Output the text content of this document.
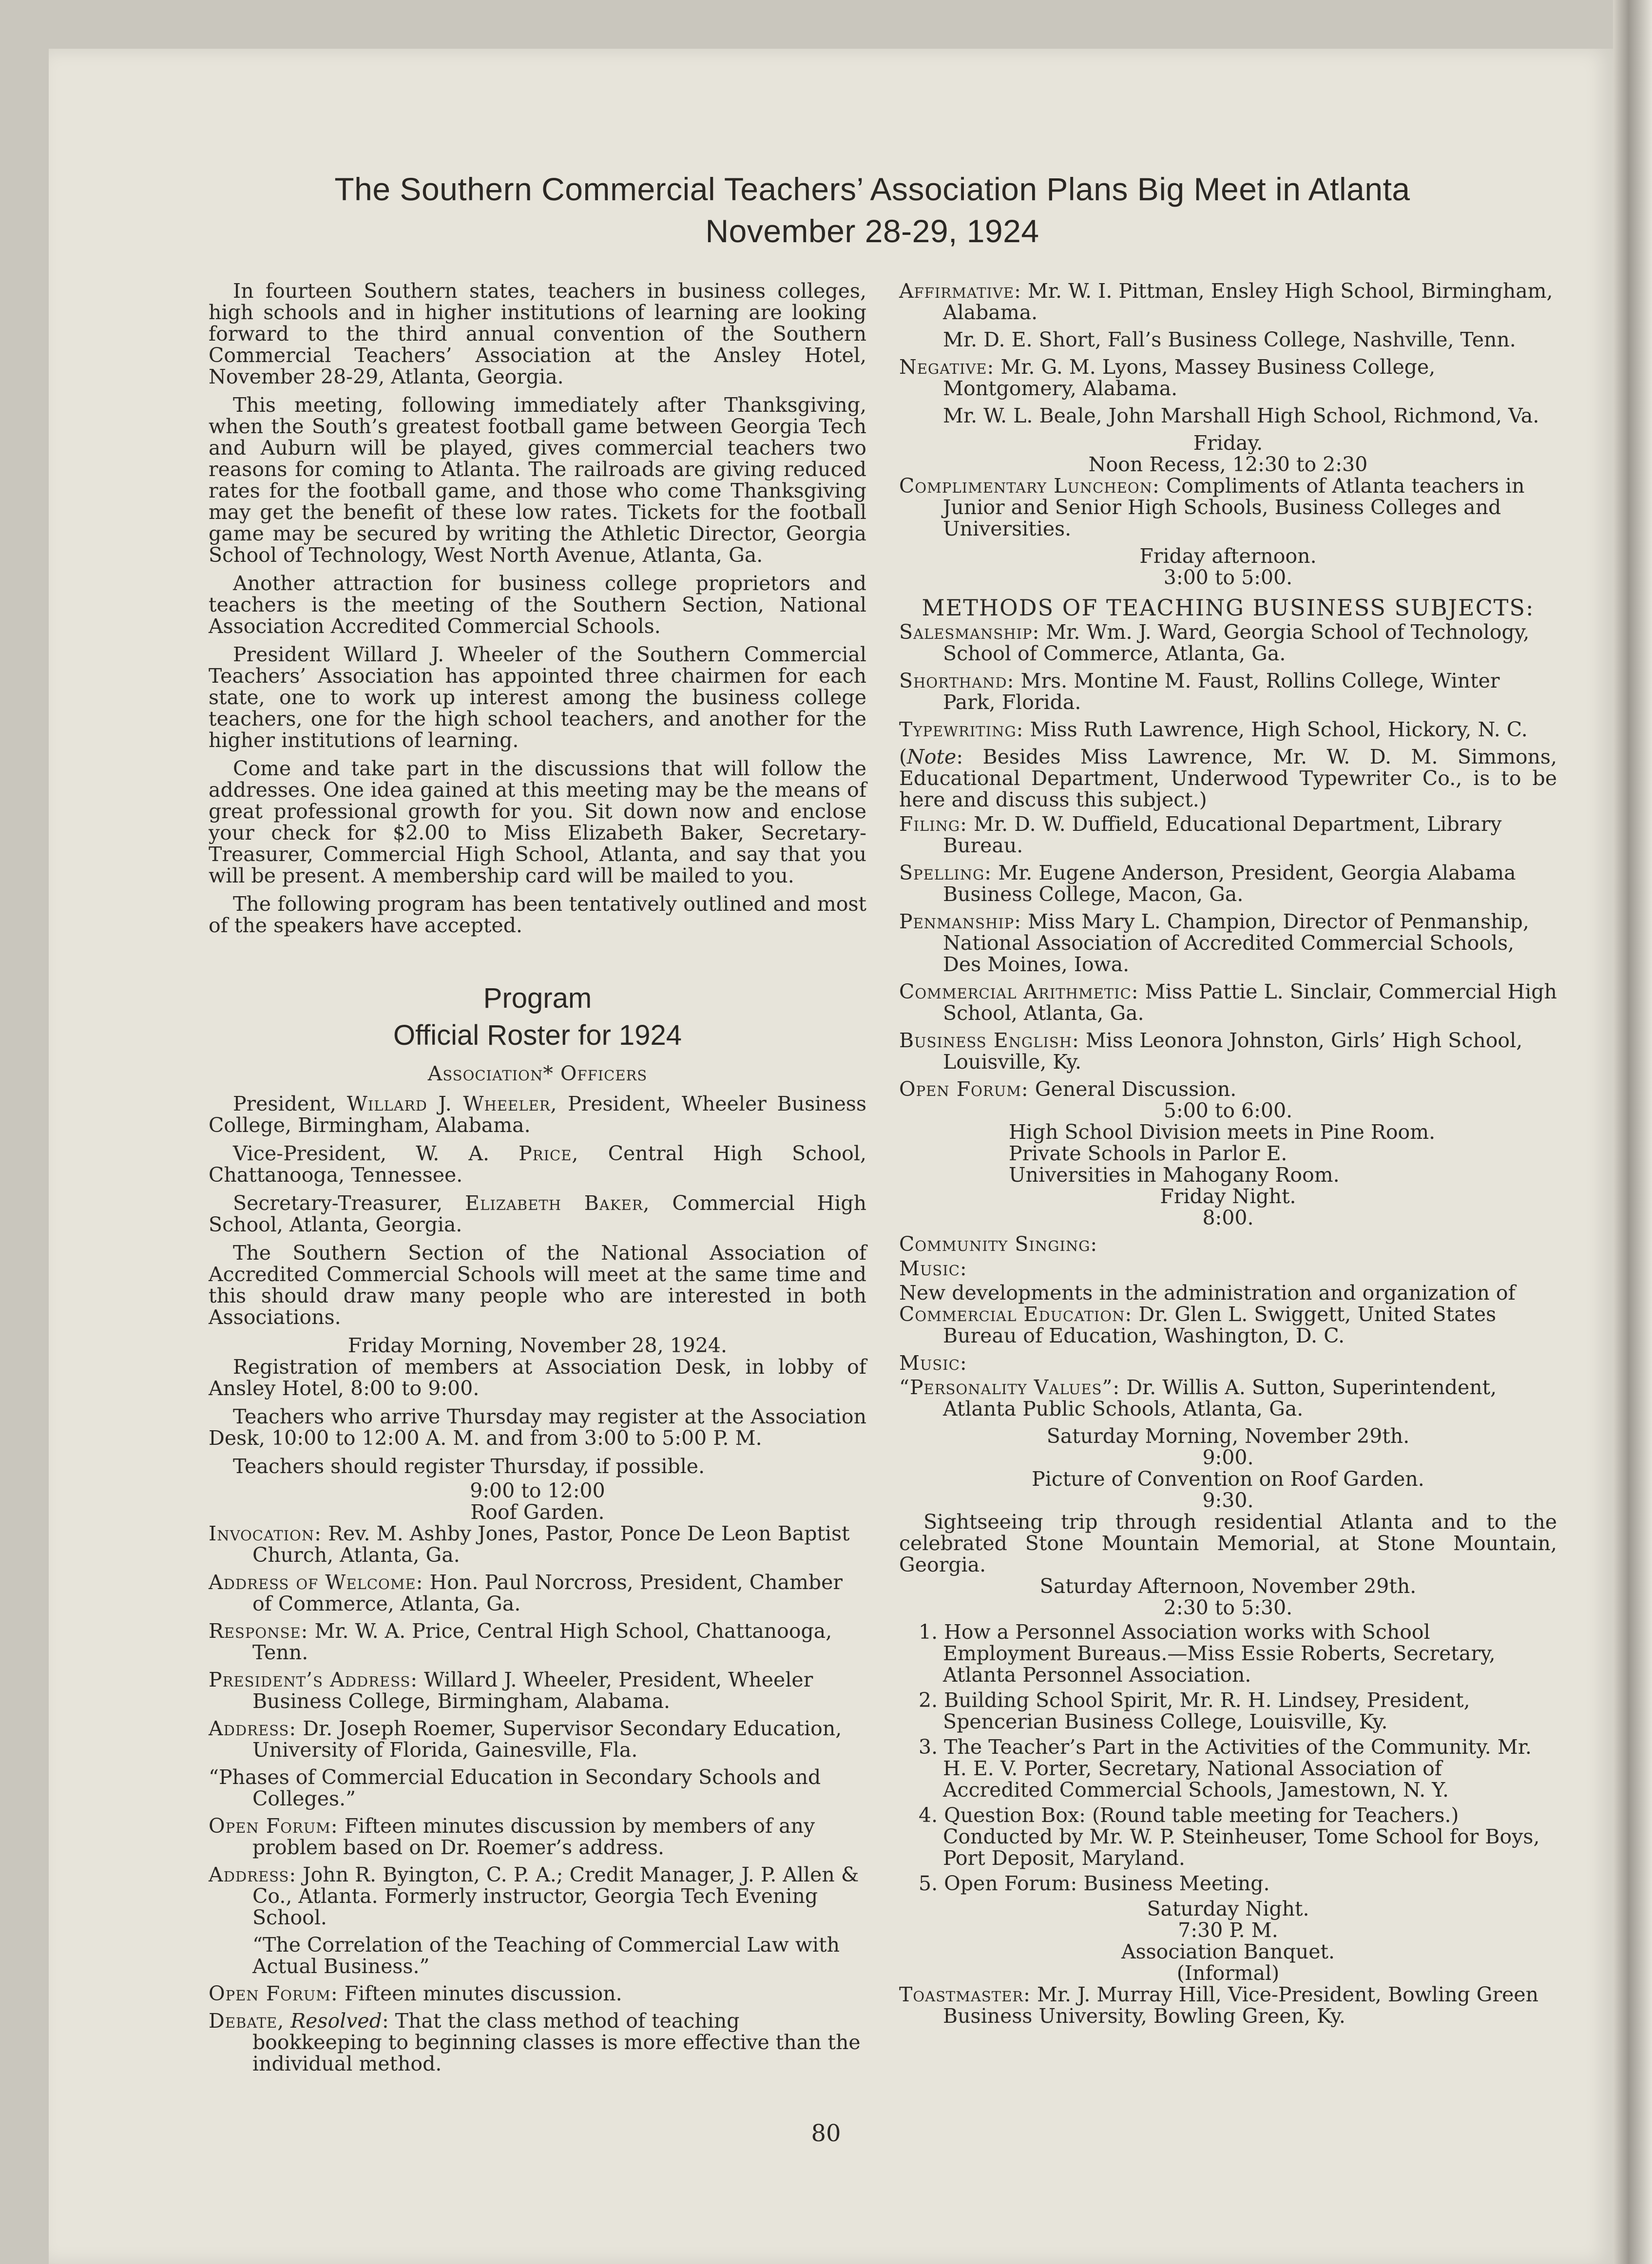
The Southern Commercial Teachers’ Association Plans Big Meet in Atlanta
November 28-29, 1924

In fourteen Southern states, teachers in business colleges, high schools and in higher institutions of learning are looking forward to the third annual convention of the Southern Commercial Teachers’ Association at the Ansley Hotel, November 28-29, Atlanta, Georgia.

This meeting, following immediately after Thanksgiving, when the South’s greatest football game between Georgia Tech and Auburn will be played, gives commercial teachers two reasons for coming to Atlanta. The railroads are giving reduced rates for the football game, and those who come Thanksgiving may get the benefit of these low rates. Tickets for the football game may be secured by writing the Athletic Director, Georgia School of Technology, West North Avenue, Atlanta, Ga.

Another attraction for business college proprietors and teachers is the meeting of the Southern Section, National Association Accredited Commercial Schools.

President Willard J. Wheeler of the Southern Commercial Teachers’ Association has appointed three chairmen for each state, one to work up interest among the business college teachers, one for the high school teachers, and another for the higher institutions of learning.

Come and take part in the discussions that will follow the addresses. One idea gained at this meeting may be the means of great professional growth for you. Sit down now and enclose your check for $2.00 to Miss Elizabeth Baker, Secretary-Treasurer, Commercial High School, Atlanta, and say that you will be present. A membership card will be mailed to you.

The following program has been tentatively outlined and most of the speakers have accepted.

Program

Official Roster for 1924

Association* Officers

President, Willard J. Wheeler, President, Wheeler Business College, Birmingham, Alabama.

Vice-President, W. A. Price, Central High School, Chattanooga, Tennessee.

Secretary-Treasurer, Elizabeth Baker, Commercial High School, Atlanta, Georgia.

The Southern Section of the National Association of Accredited Commercial Schools will meet at the same time and this should draw many people who are interested in both Associations.

Friday Morning, November 28, 1924.

Registration of members at Association Desk, in lobby of Ansley Hotel, 8:00 to 9:00.

Teachers who arrive Thursday may register at the Association Desk, 10:00 to 12:00 A. M. and from 3:00 to 5:00 P. M.

Teachers should register Thursday, if possible.

9:00 to 12:00

Roof Garden.

Invocation: Rev. M. Ashby Jones, Pastor, Ponce De Leon Baptist Church, Atlanta, Ga.

Address of Welcome: Hon. Paul Norcross, President, Chamber of Commerce, Atlanta, Ga.

Response: Mr. W. A. Price, Central High School, Chattanooga, Tenn.

President’s Address: Willard J. Wheeler, President, Wheeler Business College, Birmingham, Alabama.

Address: Dr. Joseph Roemer, Supervisor Secondary Education, University of Florida, Gainesville, Fla.

“Phases of Commercial Education in Secondary Schools and Colleges.”

Open Forum: Fifteen minutes discussion by members of any problem based on Dr. Roemer’s address.

Address: John R. Byington, C. P. A.; Credit Manager, J. P. Allen & Co., Atlanta. Formerly instructor, Georgia Tech Evening School.

“The Correlation of the Teaching of Commercial Law with Actual Business.”

Open Forum: Fifteen minutes discussion.

Debate, Resolved: That the class method of teaching bookkeeping to beginning classes is more effective than the individual method.

Affirmative: Mr. W. I. Pittman, Ensley High School, Birmingham, Alabama.

Mr. D. E. Short, Fall’s Business College, Nashville, Tenn.

Negative: Mr. G. M. Lyons, Massey Business College, Montgomery, Alabama.

Mr. W. L. Beale, John Marshall High School, Richmond, Va.

Friday.

Noon Recess, 12:30 to 2:30

Complimentary Luncheon: Compliments of Atlanta teachers in Junior and Senior High Schools, Business Colleges and Universities.

Friday afternoon.

3:00 to 5:00.

METHODS OF TEACHING BUSINESS SUBJECTS:

Salesmanship: Mr. Wm. J. Ward, Georgia School of Technology, School of Commerce, Atlanta, Ga.

Shorthand: Mrs. Montine M. Faust, Rollins College, Winter Park, Florida.

Typewriting: Miss Ruth Lawrence, High School, Hickory, N. C.

(Note: Besides Miss Lawrence, Mr. W. D. M. Simmons, Educational Department, Underwood Typewriter Co., is to be here and discuss this subject.)

Filing: Mr. D. W. Duffield, Educational Department, Library Bureau.

Spelling: Mr. Eugene Anderson, President, Georgia Alabama Business College, Macon, Ga.

Penmanship: Miss Mary L. Champion, Director of Penmanship, National Association of Accredited Commercial Schools, Des Moines, Iowa.

Commercial Arithmetic: Miss Pattie L. Sinclair, Commercial High School, Atlanta, Ga.

Business English: Miss Leonora Johnston, Girls’ High School, Louisville, Ky.

Open Forum: General Discussion.

5:00 to 6:00.

High School Division meets in Pine Room.

Private Schools in Parlor E.

Universities in Mahogany Room.

Friday Night.

8:00.

Community Singing:

Music:

New developments in the administration and organization of

Commercial Education: Dr. Glen L. Swiggett, United States Bureau of Education, Washington, D. C.

Music:

“Personality Values”: Dr. Willis A. Sutton, Superintendent, Atlanta Public Schools, Atlanta, Ga.

Saturday Morning, November 29th.

9:00.

Picture of Convention on Roof Garden.

9:30.

Sightseeing trip through residential Atlanta and to the celebrated Stone Mountain Memorial, at Stone Mountain, Georgia.

Saturday Afternoon, November 29th.

2:30 to 5:30.

1. How a Personnel Association works with School Employment Bureaus.—Miss Essie Roberts, Secretary, Atlanta Personnel Association.

2. Building School Spirit, Mr. R. H. Lindsey, President, Spencerian Business College, Louisville, Ky.

3. The Teacher’s Part in the Activities of the Community. Mr. H. E. V. Porter, Secretary, National Association of Accredited Commercial Schools, Jamestown, N. Y.

4. Question Box: (Round table meeting for Teachers.) Conducted by Mr. W. P. Steinheuser, Tome School for Boys, Port Deposit, Maryland.

5. Open Forum: Business Meeting.

Saturday Night.

7:30 P. M.

Association Banquet.

(Informal)

Toastmaster: Mr. J. Murray Hill, Vice-President, Bowling Green Business University, Bowling Green, Ky.

80
